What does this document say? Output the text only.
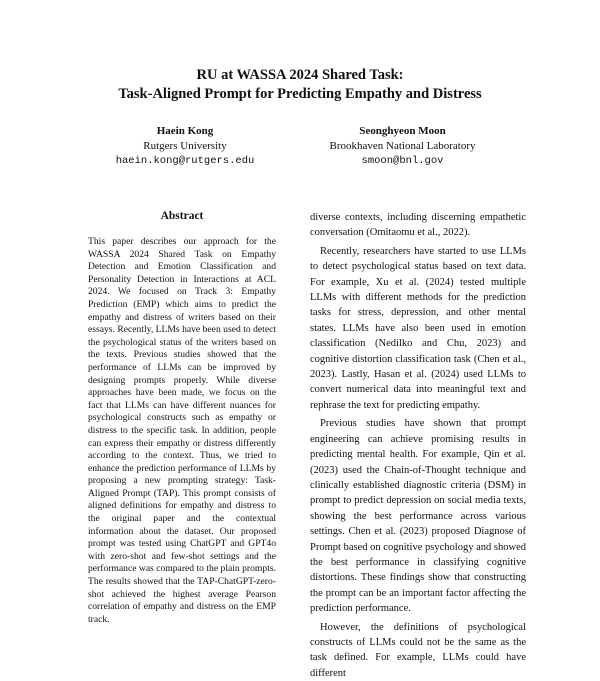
RU at WASSA 2024 Shared Task:
Task-Aligned Prompt for Predicting Empathy and Distress
Haein Kong
Rutgers University
haein.kong@rutgers.edu
Seonghyeon Moon
Brookhaven National Laboratory
smoon@bnl.gov
Abstract

This paper describes our approach for the WASSA 2024 Shared Task on Empathy Detection and Emotion Classification and Personality Detection in Interactions at ACL 2024. We focused on Track 3: Empathy Prediction (EMP) which aims to predict the empathy and distress of writers based on their essays. Recently, LLMs have been used to detect the psychological status of the writers based on the texts. Previous studies showed that the performance of LLMs can be improved by designing prompts properly. While diverse approaches have been made, we focus on the fact that LLMs can have different nuances for psychological constructs such as empathy or distress to the specific task. In addition, people can express their empathy or distress differently according to the context. Thus, we tried to enhance the prediction performance of LLMs by proposing a new prompting strategy: Task-Aligned Prompt (TAP). This prompt consists of aligned definitions for empathy and distress to the original paper and the contextual information about the dataset. Our proposed prompt was tested using ChatGPT and GPT4o with zero-shot and few-shot settings and the performance was compared to the plain prompts. The results showed that the TAP-ChatGPT-zero-shot achieved the highest average Pearson correlation of empathy and distress on the EMP track.

diverse contexts, including discerning empathetic conversation (Omitaomu et al., 2022).

Recently, researchers have started to use LLMs to detect psychological status based on text data. For example, Xu et al. (2024) tested multiple LLMs with different methods for the prediction tasks for stress, depression, and other mental states. LLMs have also been used in emotion classification (Nedilko and Chu, 2023) and cognitive distortion classification task (Chen et al., 2023). Lastly, Hasan et al. (2024) used LLMs to convert numerical data into meaningful text and rephrase the text for predicting empathy.

Previous studies have shown that prompt engineering can achieve promising results in predicting mental health. For example, Qin et al. (2023) used the Chain-of-Thought technique and clinically established diagnostic criteria (DSM) in prompt to predict depression on social media texts, showing the best performance across various settings. Chen et al. (2023) proposed Diagnose of Prompt based on cognitive psychology and showed the best performance in classifying cognitive distortions. These findings show that constructing the prompt can be an important factor affecting the prediction performance.

However, the definitions of psychological constructs of LLMs could not be the same as the task defined. For example, LLMs could have different
